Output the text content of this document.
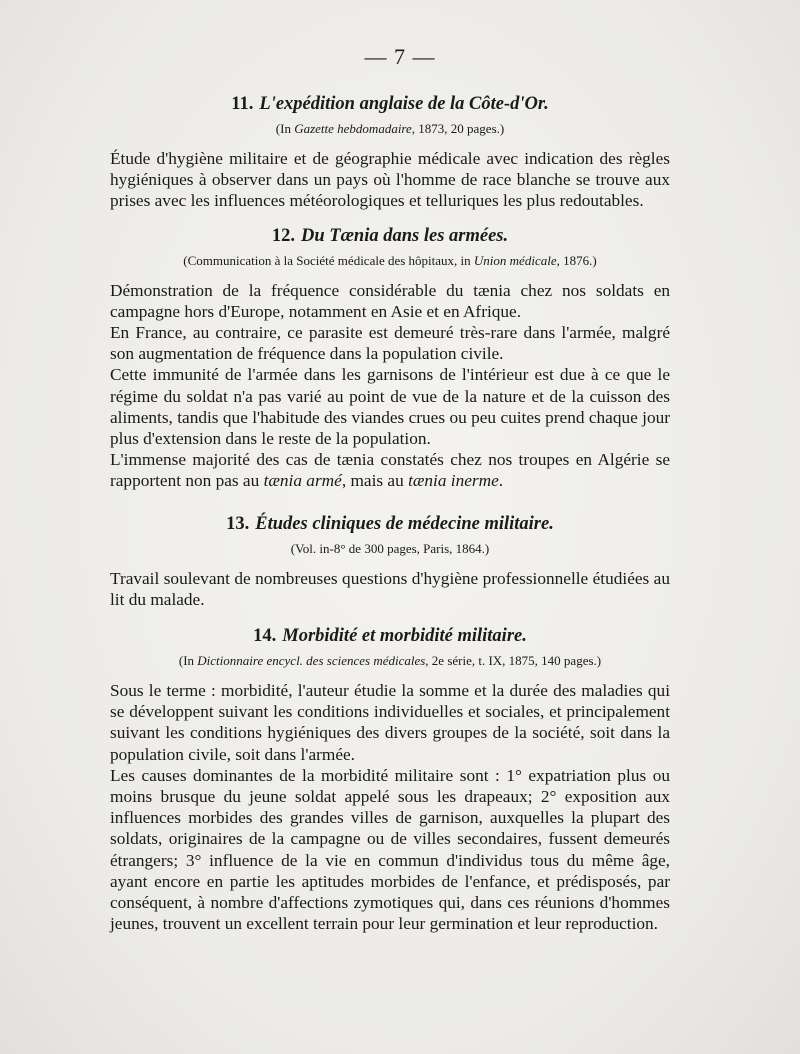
— 7 —
11. L'expédition anglaise de la Côte-d'Or.
(In Gazette hebdomadaire, 1873, 20 pages.)

Étude d'hygiène militaire et de géographie médicale avec indication des règles hygiéniques à observer dans un pays où l'homme de race blanche se trouve aux prises avec les influences météorologiques et telluriques les plus redoutables.

12. Du Tænia dans les armées.
(Communication à la Société médicale des hôpitaux, in Union médicale, 1876.)

Démonstration de la fréquence considérable du tænia chez nos soldats en campagne hors d'Europe, notamment en Asie et en Afrique.

En France, au contraire, ce parasite est demeuré très-rare dans l'armée, malgré son augmentation de fréquence dans la population civile.

Cette immunité de l'armée dans les garnisons de l'intérieur est due à ce que le régime du soldat n'a pas varié au point de vue de la nature et de la cuisson des aliments, tandis que l'habitude des viandes crues ou peu cuites prend chaque jour plus d'extension dans le reste de la population.

L'immense majorité des cas de tænia constatés chez nos troupes en Algérie se rapportent non pas au tænia armé, mais au tænia inerme.

13. Études cliniques de médecine militaire.
(Vol. in-8° de 300 pages, Paris, 1864.)

Travail soulevant de nombreuses questions d'hygiène professionnelle étudiées au lit du malade.

14. Morbidité et morbidité militaire.
(In Dictionnaire encycl. des sciences médicales, 2e série, t. IX, 1875, 140 pages.)

Sous le terme : morbidité, l'auteur étudie la somme et la durée des maladies qui se développent suivant les conditions individuelles et sociales, et principalement suivant les conditions hygiéniques des divers groupes de la société, soit dans la population civile, soit dans l'armée.

Les causes dominantes de la morbidité militaire sont : 1° expatriation plus ou moins brusque du jeune soldat appelé sous les drapeaux; 2° exposition aux influences morbides des grandes villes de garnison, auxquelles la plupart des soldats, originaires de la campagne ou de villes secondaires, fussent demeurés étrangers; 3° influence de la vie en commun d'individus tous du même âge, ayant encore en partie les aptitudes morbides de l'enfance, et prédisposés, par conséquent, à nombre d'affections zymotiques qui, dans ces réunions d'hommes jeunes, trouvent un excellent terrain pour leur germination et leur reproduction.
